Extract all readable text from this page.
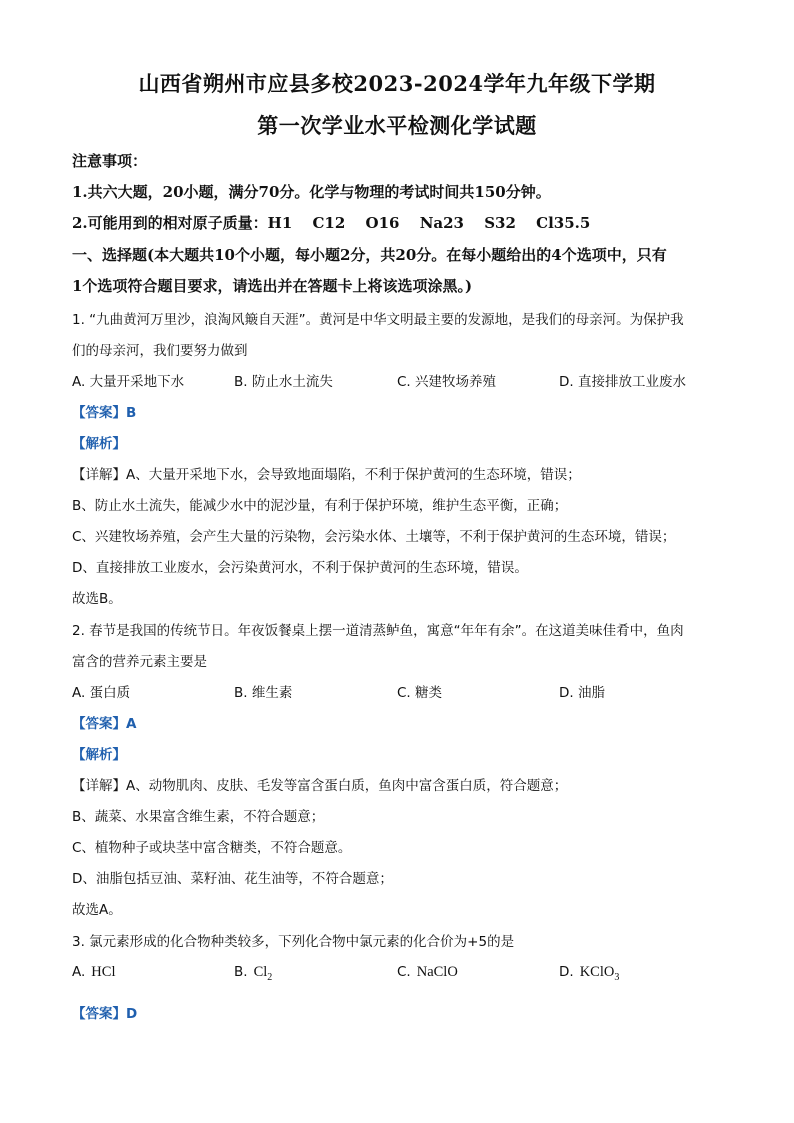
山西省朔州市应县多校2023-2024学年九年级下学期
第一次学业水平检测化学试题
注意事项：
1.共六大题，20小题，满分70分。化学与物理的考试时间共150分钟。
2.可能用到的相对原子质量：H1　 C12　 O16　 Na23　 S32　 Cl35.5
一、选择题(本大题共10个小题，每小题2分，共20分。在每小题给出的4个选项中，只有
1个选项符合题目要求，请选出并在答题卡上将该选项涂黑。)
1. “九曲黄河万里沙，浪淘风簸自天涯”。黄河是中华文明最主要的发源地，是我们的母亲河。为保护我
们的母亲河，我们要努力做到
A. 大量开采地下水	B. 防止水土流失	C. 兴建牧场养殖	D. 直接排放工业废水
【答案】B
【解析】
【详解】A、大量开采地下水，会导致地面塌陷，不利于保护黄河的生态环境，错误；
B、防止水土流失，能减少水中的泥沙量，有利于保护环境，维护生态平衡，正确；
C、兴建牧场养殖，会产生大量的污染物，会污染水体、土壤等，不利于保护黄河的生态环境，错误；
D、直接排放工业废水，会污染黄河水，不利于保护黄河的生态环境，错误。
故选B。
2. 春节是我国的传统节日。年夜饭餐桌上摆一道清蒸鲈鱼，寓意“年年有余”。在这道美味佳肴中，鱼肉
富含的营养元素主要是
A. 蛋白质	B. 维生素	C. 糖类	D. 油脂
【答案】A
【解析】
【详解】A、动物肌肉、皮肤、毛发等富含蛋白质，鱼肉中富含蛋白质，符合题意；
B、蔬菜、水果富含维生素，不符合题意；
C、植物种子或块茎中富含糖类，不符合题意。
D、油脂包括豆油、菜籽油、花生油等，不符合题意；
故选A。
3. 氯元素形成的化合物种类较多，下列化合物中氯元素的化合价为+5的是
A. HCl	B. $Cl_2$	C. NaClO	D. KClO$_3$
【答案】D
